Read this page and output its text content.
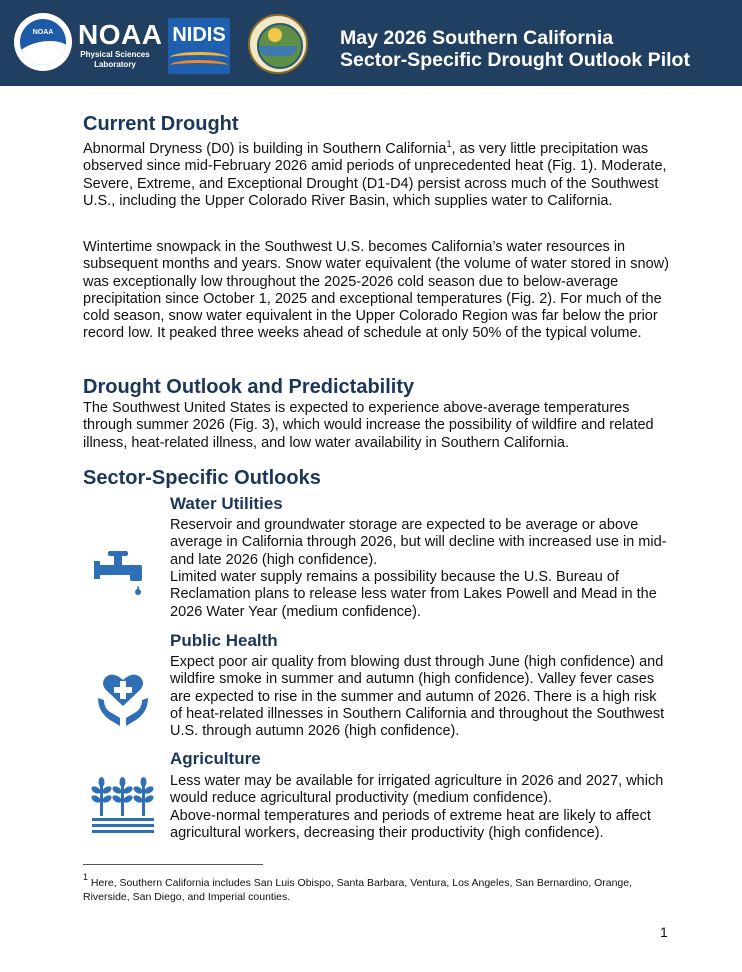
NOAA NOAA
Physical Sciences
Laboratory
NIDIS	May 2026 Southern California
Sector-Specific Drought Outlook Pilot
Current Drought

Abnormal Dryness (D0) is building in Southern California$^1$, as very little precipitation was observed since mid-February 2026 amid periods of unprecedented heat (Fig. 1). Moderate, Severe, Extreme, and Exceptional Drought (D1-D4) persist across much of the Southwest U.S., including the Upper Colorado River Basin, which supplies water to California.

Wintertime snowpack in the Southwest U.S. becomes California’s water resources in subsequent months and years. Snow water equivalent (the volume of water stored in snow) was exceptionally low throughout the 2025-2026 cold season due to below-average precipitation since October 1, 2025 and exceptional temperatures (Fig. 2). For much of the cold season, snow water equivalent in the Upper Colorado Region was far below the prior record low. It peaked three weeks ahead of schedule at only 50% of the typical volume.

Drought Outlook and Predictability

The Southwest United States is expected to experience above-average temperatures through summer 2026 (Fig. 3), which would increase the possibility of wildfire and related illness, heat-related illness, and low water availability in Southern California.

Sector-Specific Outlooks
Water Utilities

Reservoir and groundwater storage are expected to be average or above average in California through 2026, but will decline with increased use in mid- and late 2026 (high confidence).

Limited water supply remains a possibility because the U.S. Bureau of Reclamation plans to release less water from Lakes Powell and Mead in the 2026 Water Year (medium confidence).

Public Health

Expect poor air quality from blowing dust through June (high confidence) and wildfire smoke in summer and autumn (high confidence). Valley fever cases are expected to rise in the summer and autumn of 2026. There is a high risk of heat-related illnesses in Southern California and throughout the Southwest U.S. through autumn 2026 (high confidence).

Agriculture

Less water may be available for irrigated agriculture in 2026 and 2027, which would reduce agricultural productivity (medium confidence).

Above-normal temperatures and periods of extreme heat are likely to affect agricultural workers, decreasing their productivity (high confidence).

1 Here, Southern California includes San Luis Obispo, Santa Barbara, Ventura, Los Angeles, San Bernardino, Orange, Riverside, San Diego, and Imperial counties.
1
